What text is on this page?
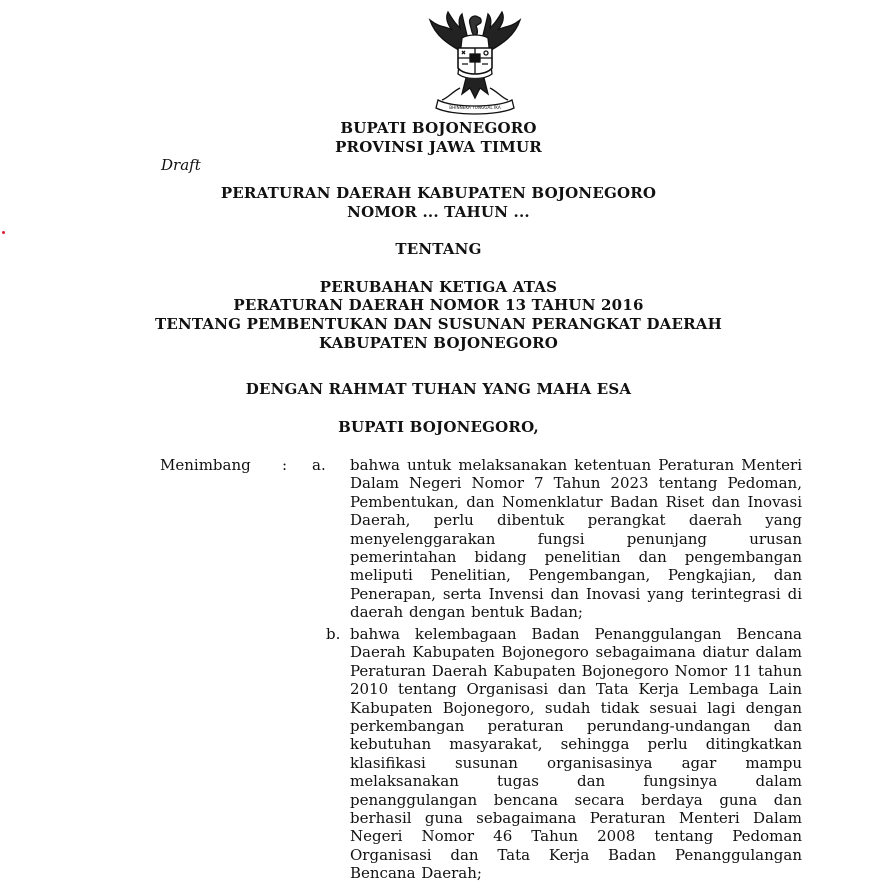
BHINNEKA TUNGGAL IKA
BUPATI BOJONEGORO
PROVINSI JAWA TIMUR
Draft
PERATURAN DAERAH KABUPATEN BOJONEGORO
NOMOR ... TAHUN ...
TENTANG
PERUBAHAN KETIGA ATAS
PERATURAN DAERAH NOMOR 13 TAHUN 2016
TENTANG PEMBENTUKAN DAN SUSUNAN PERANGKAT DAERAH
KABUPATEN BOJONEGORO
DENGAN RAHMAT TUHAN YANG MAHA ESA
BUPATI BOJONEGORO,
Menimbang : a. bahwa untuk melaksanakan ketentuan Peraturan Menteri Dalam Negeri Nomor 7 Tahun 2023 tentang Pedoman, Pembentukan, dan Nomenklatur Badan Riset dan Inovasi Daerah, perlu dibentuk perangkat daerah yang menyelenggarakan fungsi penunjang urusan pemerintahan bidang penelitian dan pengembangan meliputi Penelitian, Pengembangan, Pengkajian, dan Penerapan, serta Invensi dan Inovasi yang terintegrasi di daerah dengan bentuk Badan;
b. bahwa kelembagaan Badan Penanggulangan Bencana Daerah Kabupaten Bojonegoro sebagaimana diatur dalam Peraturan Daerah Kabupaten Bojonegoro Nomor 11 tahun 2010 tentang Organisasi dan Tata Kerja Lembaga Lain Kabupaten Bojonegoro, sudah tidak sesuai lagi dengan perkembangan peraturan perundang-undangan dan kebutuhan masyarakat, sehingga perlu ditingkatkan klasifikasi susunan organisasinya agar mampu melaksanakan tugas dan fungsinya dalam penanggulangan bencana secara berdaya guna dan berhasil guna sebagaimana Peraturan Menteri Dalam Negeri Nomor 46 Tahun 2008 tentang Pedoman Organisasi dan Tata Kerja Badan Penanggulangan Bencana Daerah;
